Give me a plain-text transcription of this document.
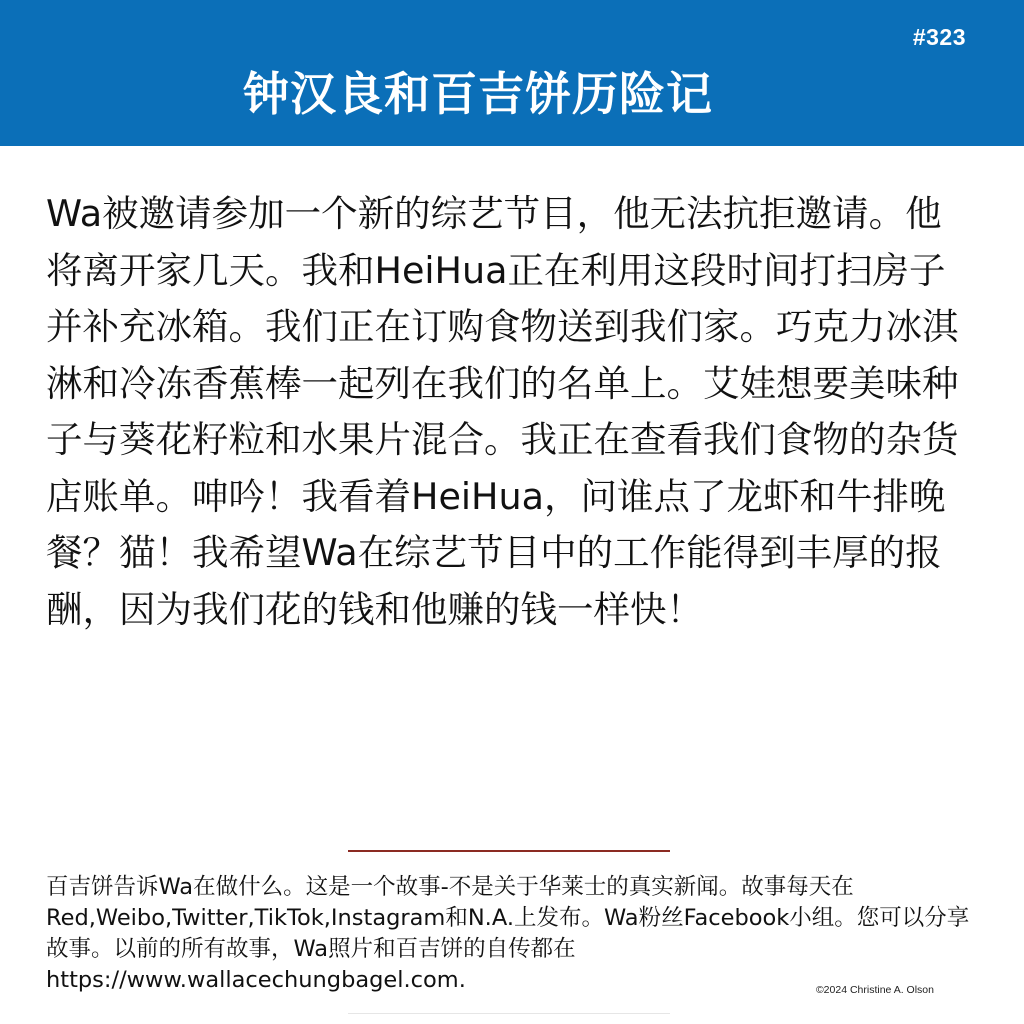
#323
钟汉良和百吉饼历险记

Wa被邀请参加一个新的综艺节目，他无法抗拒邀请。他将离开家几天。我和HeiHua正在利用这段时间打扫房子并补充冰箱。我们正在订购食物送到我们家。巧克力冰淇淋和冷冻香蕉棒一起列在我们的名单上。艾娃想要美味种子与葵花籽粒和水果片混合。我正在查看我们食物的杂货店账单。呻吟！我看着HeiHua，问谁点了龙虾和牛排晚餐？猫！我希望Wa在综艺节目中的工作能得到丰厚的报酬，因为我们花的钱和他赚的钱一样快！

百吉饼告诉Wa在做什么。这是一个故事-不是关于华莱士的真实新闻。故事每天在Red,Weibo,Twitter,TikTok,Instagram和N.A.上发布。Wa粉丝Facebook小组。您可以分享故事。以前的所有故事，Wa照片和百吉饼的自传都在https://www.wallacechungbagel.com.	©2024 Christine A. Olson
